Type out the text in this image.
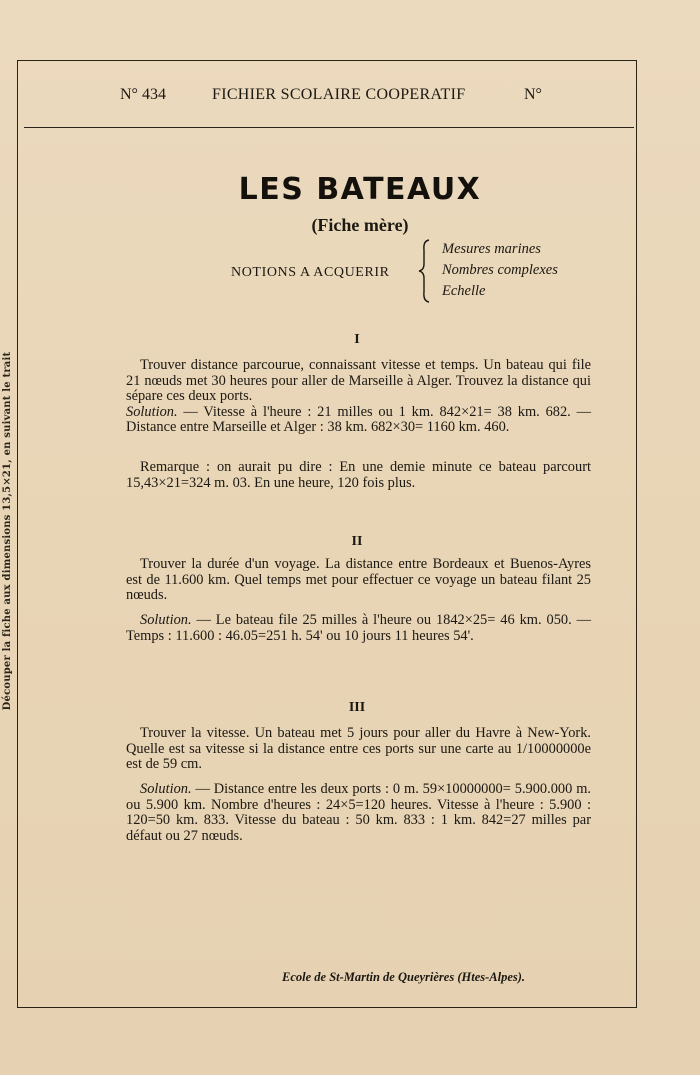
Découper la fiche aux dimensions 13,5×21, en suivant le trait
N° 434	FICHIER SCOLAIRE COOPERATIF	N°
LES BATEAUX
(Fiche mère)
NOTIONS A ACQUERIR
Mesures marines
Nombres complexes
Echelle
I

Trouver distance parcourue, connaissant vitesse et temps. Un bateau qui file 21 nœuds met 30 heures pour aller de Marseille à Alger. Trouvez la distance qui sépare ces deux ports.
Solution. — Vitesse à l'heure : 21 milles ou 1 km. 842×21= 38 km. 682. — Distance entre Marseille et Alger : 38 km. 682×30= 1160 km. 460.

Remarque : on aurait pu dire : En une demie minute ce bateau parcourt 15,43×21=324 m. 03. En une heure, 120 fois plus.

II

Trouver la durée d'un voyage. La distance entre Bordeaux et Buenos-Ayres est de 11.600 km. Quel temps met pour effectuer ce voyage un bateau filant 25 nœuds.

Solution. — Le bateau file 25 milles à l'heure ou 1842×25= 46 km. 050. — Temps : 11.600 : 46.05=251 h. 54' ou 10 jours 11 heures 54'.

III

Trouver la vitesse. Un bateau met 5 jours pour aller du Havre à New-York. Quelle est sa vitesse si la distance entre ces ports sur une carte au 1/10000000e est de 59 cm.

Solution. — Distance entre les deux ports : 0 m. 59×10000000= 5.900.000 m. ou 5.900 km. Nombre d'heures : 24×5=120 heures. Vitesse à l'heure : 5.900 : 120=50 km. 833. Vitesse du bateau : 50 km. 833 : 1 km. 842=27 milles par défaut ou 27 nœuds.

Ecole de St-Martin de Queyrières (Htes-Alpes).
